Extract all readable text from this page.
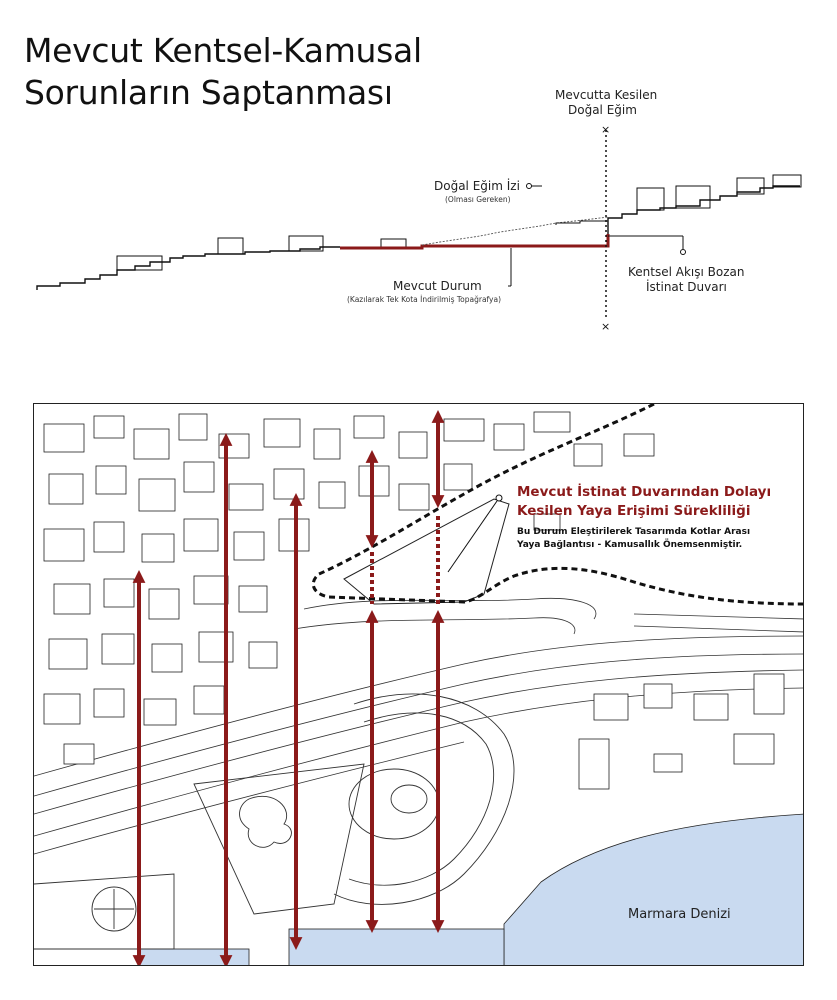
Mevcut Kentsel-Kamusal
Sorunların Saptanması
×
×
Mevcutta Kesilen
Doğal Eğim
Doğal Eğim İzi
(Olması Gereken)
Mevcut Durum
(Kazılarak Tek Kota İndirilmiş Topağrafya)
Kentsel Akışı Bozan
İstinat Duvarı
Mevcut İstinat Duvarından Dolayı
Kesilen Yaya Erişimi Sürekliliği
Bu Durum Eleştirilerek Tasarımda Kotlar Arası
Yaya Bağlantısı - Kamusallık Önemsenmiştir.
Marmara Denizi
